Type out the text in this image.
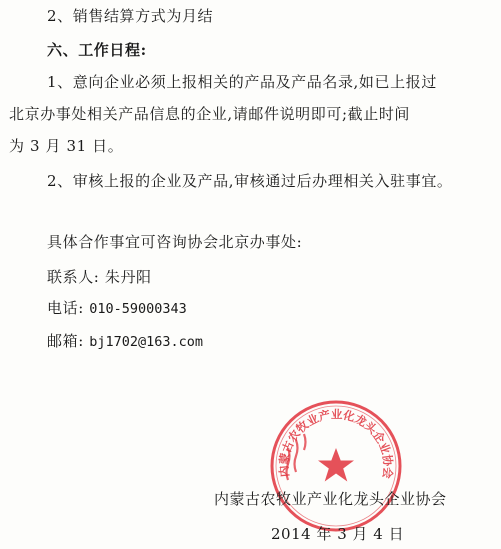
2、销售结算方式为月结
六、工作日程:
1、意向企业必须上报相关的产品及产品名录,如已上报过
北京办事处相关产品信息的企业,请邮件说明即可;截止时间
为 3 月 31 日。
2、审核上报的企业及产品,审核通过后办理相关入驻事宜。
具体合作事宜可咨询协会北京办事处:
联系人: 朱丹阳
电话: 010-59000343
邮箱: bj1702@163.com
内蒙古农牧业产业化龙头企业协会
内蒙古农牧业产业化龙头企业协会
2014 年 3 月 4 日
